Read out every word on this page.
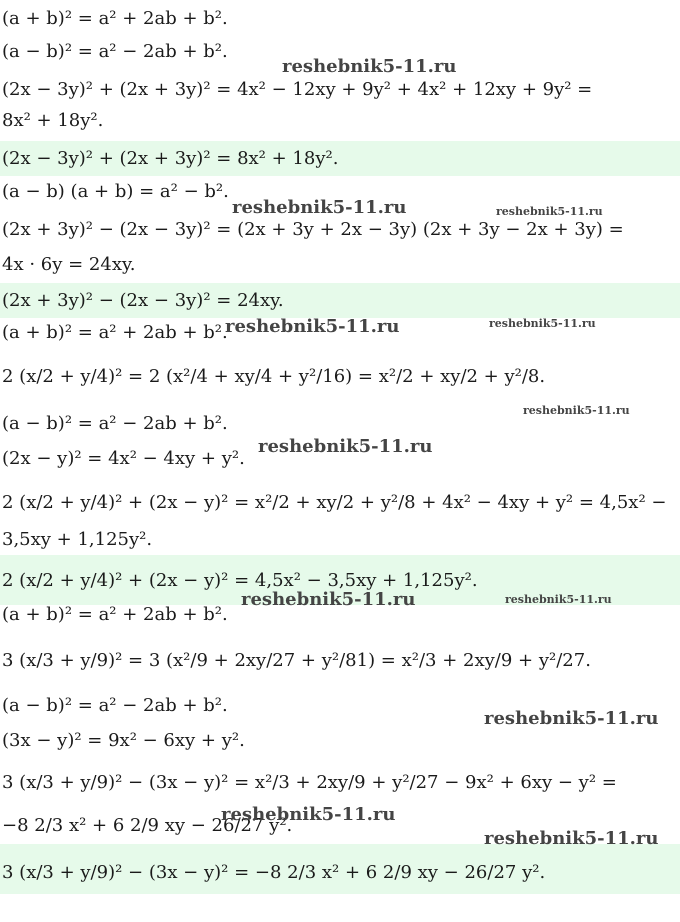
(a + b)² = a² + 2ab + b².
(a − b)² = a² − 2ab + b².
(2x − 3y)² + (2x + 3y)² = 4x² − 12xy + 9y² + 4x² + 12xy + 9y² =
8x² + 18y².
(2x − 3y)² + (2x + 3y)² = 8x² + 18y².
(a − b) (a + b) = a² − b².
(2x + 3y)² − (2x − 3y)² = (2x + 3y + 2x − 3y) (2x + 3y − 2x + 3y) =
4x · 6y = 24xy.
(2x + 3y)² − (2x − 3y)² = 24xy.
(a + b)² = a² + 2ab + b².
2 (x/2 + y/4)² = 2 (x²/4 + xy/4 + y²/16) = x²/2 + xy/2 + y²/8.
(a − b)² = a² − 2ab + b².
(2x − y)² = 4x² − 4xy + y².
2 (x/2 + y/4)² + (2x − y)² = x²/2 + xy/2 + y²/8 + 4x² − 4xy + y² = 4,5x² −
3,5xy + 1,125y².
2 (x/2 + y/4)² + (2x − y)² = 4,5x² − 3,5xy + 1,125y².
(a + b)² = a² + 2ab + b².
3 (x/3 + y/9)² = 3 (x²/9 + 2xy/27 + y²/81) = x²/3 + 2xy/9 + y²/27.
(a − b)² = a² − 2ab + b².
(3x − y)² = 9x² − 6xy + y².
3 (x/3 + y/9)² − (3x − y)² = x²/3 + 2xy/9 + y²/27 − 9x² + 6xy − y² =
−8 2/3 x² + 6 2/9 xy − 26/27 y².
3 (x/3 + y/9)² − (3x − y)² = −8 2/3 x² + 6 2/9 xy − 26/27 y².
reshebnik5-11.ru
reshebnik5-11.ru	reshebnik5-11.ru
reshebnik5-11.ru	reshebnik5-11.ru
reshebnik5-11.ru
reshebnik5-11.ru
reshebnik5-11.ru	reshebnik5-11.ru
reshebnik5-11.ru
reshebnik5-11.ru
reshebnik5-11.ru
